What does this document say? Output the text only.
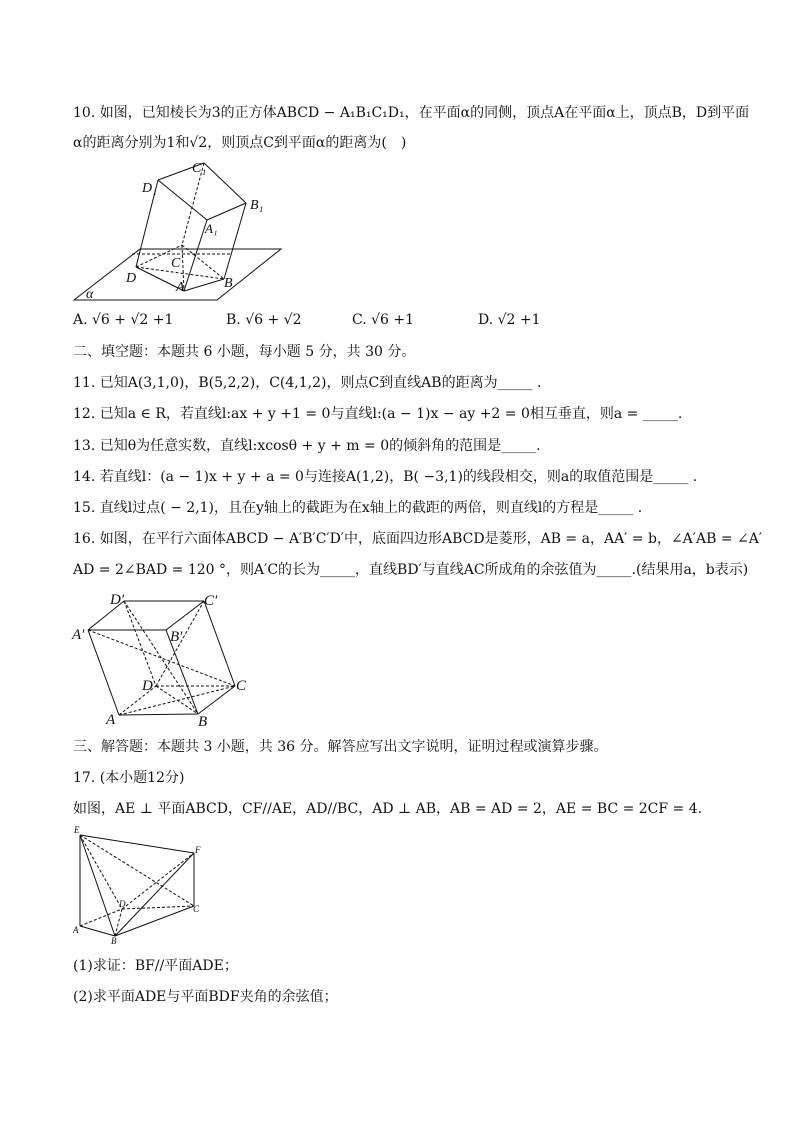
10. 如图，已知棱长为3的正方体ABCD − A₁B₁C₁D₁，在平面α的同侧，顶点A在平面α上，顶点B，D到平面
α的距离分别为1和√2，则顶点C到平面α的距离为(　)
C₁
D₁
B₁
A₁
C
D
A	B
α
A. √6 + √2 +1	B. √6 + √2	C. √6 +1	D. √2 +1
二、填空题：本题共 6 小题，每小题 5 分，共 30 分。
11. 已知A(3,1,0)，B(5,2,2)，C(4,1,2)，则点C到直线AB的距离为_____ .
12. 已知a ∈ R，若直线l:ax + y +1 = 0与直线l:(a − 1)x − ay +2 = 0相互垂直，则a = _____.
13. 已知θ为任意实数，直线l:xcosθ + y + m = 0的倾斜角的范围是_____.
14. 若直线l：(a − 1)x + y + a = 0与连接A(1,2)，B( −3,1)的线段相交，则a的取值范围是_____ .
15. 直线l过点( − 2,1)，且在y轴上的截距为在x轴上的截距的两倍，则直线l的方程是_____ .
16. 如图，在平行六面体ABCD − A′B′C′D′中，底面四边形ABCD是菱形，AB = a，AA′ = b，∠A′AB = ∠A′
AD = 2∠BAD = 120 °，则A′C的长为_____，直线BD′与直线AC所成角的余弦值为_____.(结果用a，b表示)
D′	C′
A′	B′
D	C
A	B
三、解答题：本题共 3 小题，共 36 分。解答应写出文字说明，证明过程或演算步骤。
17. (本小题12分)
如图，AE ⊥ 平面ABCD，CF//AE，AD//BC，AD ⊥ AB，AB = AD = 2，AE = BC = 2CF = 4.
E
F
D	C
A
B
(1)求证：BF//平面ADE；
(2)求平面ADE与平面BDF夹角的余弦值；
